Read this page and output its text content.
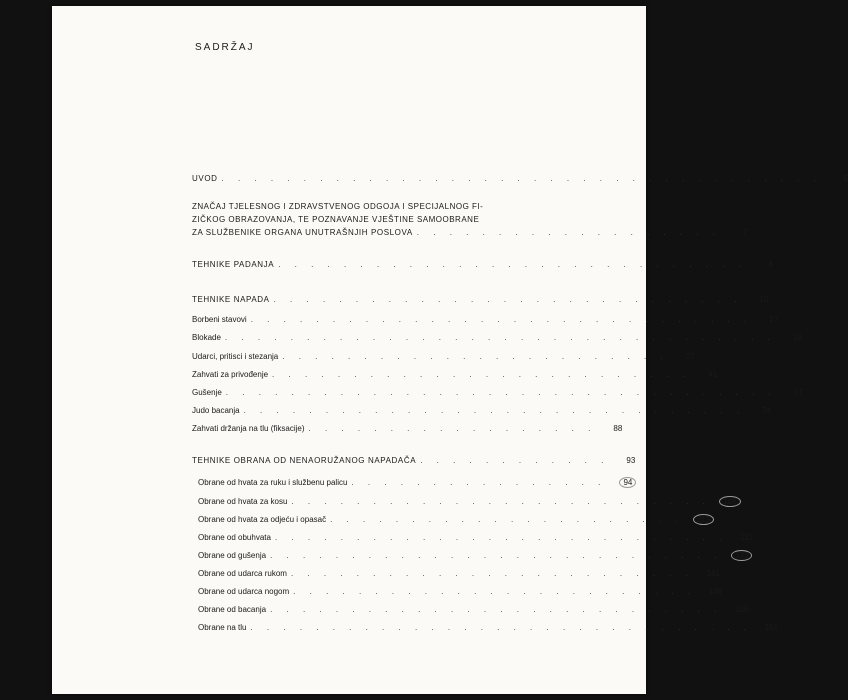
SADRŽAJ
UVOD . . . . . . . . . . . . . . . . . . . . . . . . . . . . . . . . . . . . .	5
ZNAČAJ TJELESNOG I ZDRAVSTVENOG ODGOJA I SPECIJALNOG FI-
ZIČKOG OBRAZOVANJA, TE POZNAVANJE VJEŠTINE SAMOOBRANE
ZA SLUŽBENIKE ORGANA UNUTRAŠNJIH POSLOVA . . . . . . . . . . . . . . . . . . .	7
TEHNIKE PADANJA . . . . . . . . . . . . . . . . . . . . . . . . . . . . .	8
TEHNIKE NAPADA . . . . . . . . . . . . . . . . . . . . . . . . . . . . .	15
Borbeni stavovi . . . . . . . . . . . . . . . . . . . . . . . . . . . . . . .	17
Blokade . . . . . . . . . . . . . . . . . . . . . . . . . . . . . . . . . .	19
Udarci, pritisci i stezanja . . . . . . . . . . . . . . . . . . . . . . . .	27
Zahvati za privođenje . . . . . . . . . . . . . . . . . . . . . . . . . .	41
Gušenje . . . . . . . . . . . . . . . . . . . . . . . . . . . . . . . . . .	67
Judo bacanja . . . . . . . . . . . . . . . . . . . . . . . . . . . . . . .	74
Zahvati držanja na tlu (fiksacije) . . . . . . . . . . . . . . . . . .	88
TEHNIKE OBRANA OD NENAORUŽANOG NAPADAČA . . . . . . . . . . . .	93
Obrane od hvata za ruku i službenu palicu . . . . . . . . . . . . . . . .	94
Obrane od hvata za kosu . . . . . . . . . . . . . . . . . . . . . . . . . .	105
Obrane od hvata za odjeću i opasač . . . . . . . . . . . . . . . . . . . . . .	112
Obrane od obuhvata . . . . . . . . . . . . . . . . . . . . . . . . . . . .	122
Obrane od gušenja . . . . . . . . . . . . . . . . . . . . . . . . . . . .	131
Obrane od udarca rukom . . . . . . . . . . . . . . . . . . . . . . . . .	141
Obrane od udarca nogom . . . . . . . . . . . . . . . . . . . . . . . . .	149
Obrane od bacanja . . . . . . . . . . . . . . . . . . . . . . . . . . . .	156
Obrane na tlu . . . . . . . . . . . . . . . . . . . . . . . . . . . . . . .	161
